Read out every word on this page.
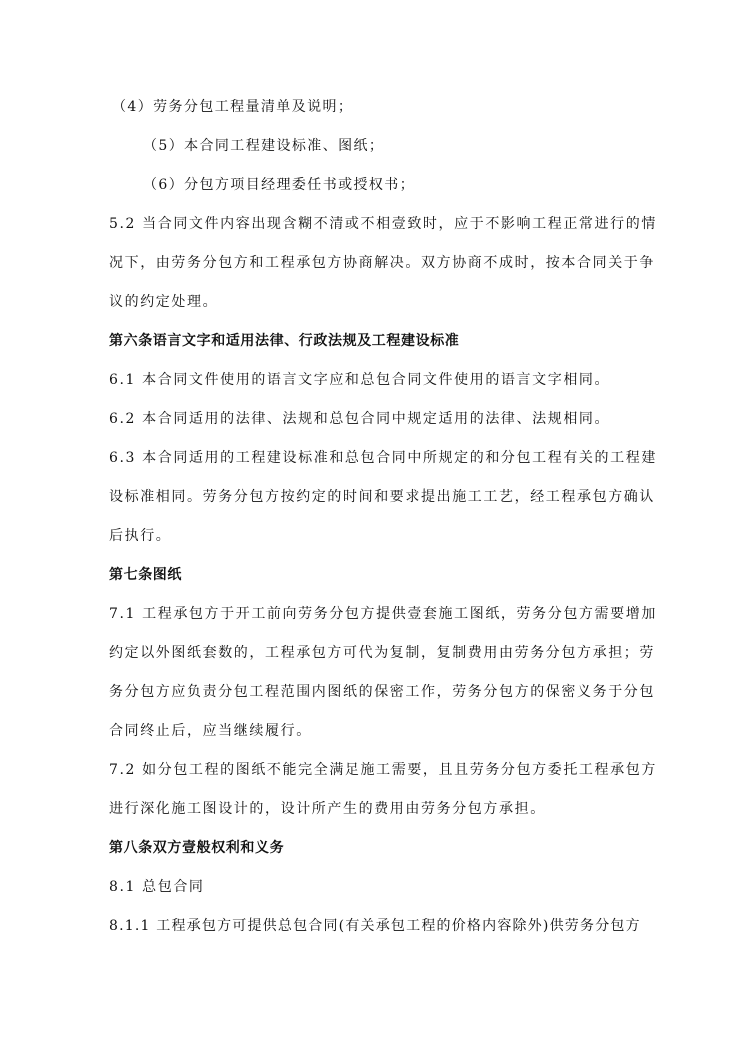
（4）劳务分包工程量清单及说明；
（5）本合同工程建设标准、图纸；
（6）分包方项目经理委任书或授权书；
5.2 当合同文件内容出现含糊不清或不相壹致时，应于不影响工程正常进行的情
况下，由劳务分包方和工程承包方协商解决。双方协商不成时，按本合同关于争
议的约定处理。
第六条语言文字和适用法律、行政法规及工程建设标准
6.1 本合同文件使用的语言文字应和总包合同文件使用的语言文字相同。
6.2 本合同适用的法律、法规和总包合同中规定适用的法律、法规相同。
6.3 本合同适用的工程建设标准和总包合同中所规定的和分包工程有关的工程建
设标准相同。劳务分包方按约定的时间和要求提出施工工艺，经工程承包方确认
后执行。
第七条图纸
7.1 工程承包方于开工前向劳务分包方提供壹套施工图纸，劳务分包方需要增加
约定以外图纸套数的，工程承包方可代为复制，复制费用由劳务分包方承担；劳
务分包方应负责分包工程范围内图纸的保密工作，劳务分包方的保密义务于分包
合同终止后，应当继续履行。
7.2 如分包工程的图纸不能完全满足施工需要，且且劳务分包方委托工程承包方
进行深化施工图设计的，设计所产生的费用由劳务分包方承担。
第八条双方壹般权利和义务
8.1 总包合同
8.1.1 工程承包方可提供总包合同(有关承包工程的价格内容除外)供劳务分包方
